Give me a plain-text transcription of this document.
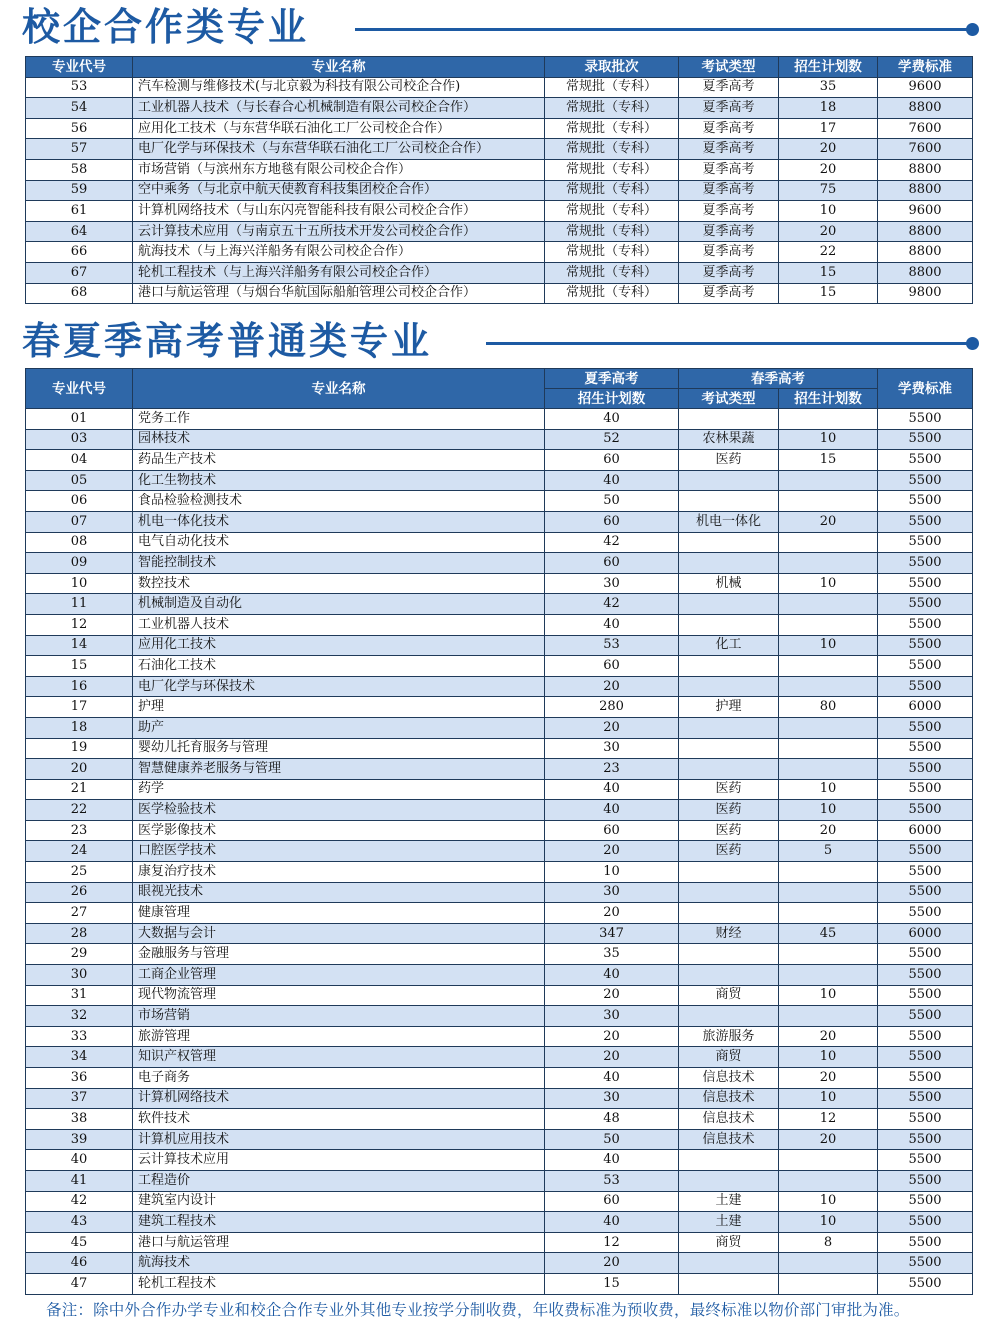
校企合作类专业
专业代号	专业名称	录取批次	考试类型	招生计划数	学费标准
53	汽车检测与维修技术(与北京毅为科技有限公司校企合作)	常规批（专科）	夏季高考	35	9600
54	工业机器人技术（与长春合心机械制造有限公司校企合作）	常规批（专科）	夏季高考	18	8800
56	应用化工技术（与东营华联石油化工厂公司校企合作）	常规批（专科）	夏季高考	17	7600
57	电厂化学与环保技术（与东营华联石油化工厂公司校企合作）	常规批（专科）	夏季高考	20	7600
58	市场营销（与滨州东方地毯有限公司校企合作）	常规批（专科）	夏季高考	20	8800
59	空中乘务（与北京中航天使教育科技集团校企合作）	常规批（专科）	夏季高考	75	8800
61	计算机网络技术（与山东闪亮智能科技有限公司校企合作）	常规批（专科）	夏季高考	10	9600
64	云计算技术应用（与南京五十五所技术开发公司校企合作）	常规批（专科）	夏季高考	20	8800
66	航海技术（与上海兴洋船务有限公司校企合作）	常规批（专科）	夏季高考	22	8800
67	轮机工程技术（与上海兴洋船务有限公司校企合作）	常规批（专科）	夏季高考	15	8800
68	港口与航运管理（与烟台华航国际船舶管理公司校企合作）	常规批（专科）	夏季高考	15	9800
春夏季高考普通类专业
专业代号	专业名称	夏季高考	春季高考		学费标准
		招生计划数	考试类型	招生计划数	
01	党务工作	40			5500
03	园林技术	52	农林果蔬	10	5500
04	药品生产技术	60	医药	15	5500
05	化工生物技术	40			5500
06	食品检验检测技术	50			5500
07	机电一体化技术	60	机电一体化	20	5500
08	电气自动化技术	42			5500
09	智能控制技术	60			5500
10	数控技术	30	机械	10	5500
11	机械制造及自动化	42			5500
12	工业机器人技术	40			5500
14	应用化工技术	53	化工	10	5500
15	石油化工技术	60			5500
16	电厂化学与环保技术	20			5500
17	护理	280	护理	80	6000
18	助产	20			5500
19	婴幼儿托育服务与管理	30			5500
20	智慧健康养老服务与管理	23			5500
21	药学	40	医药	10	5500
22	医学检验技术	40	医药	10	5500
23	医学影像技术	60	医药	20	6000
24	口腔医学技术	20	医药	5	5500
25	康复治疗技术	10			5500
26	眼视光技术	30			5500
27	健康管理	20			5500
28	大数据与会计	347	财经	45	6000
29	金融服务与管理	35			5500
30	工商企业管理	40			5500
31	现代物流管理	20	商贸	10	5500
32	市场营销	30			5500
33	旅游管理	20	旅游服务	20	5500
34	知识产权管理	20	商贸	10	5500
36	电子商务	40	信息技术	20	5500
37	计算机网络技术	30	信息技术	10	5500
38	软件技术	48	信息技术	12	5500
39	计算机应用技术	50	信息技术	20	5500
40	云计算技术应用	40			5500
41	工程造价	53			5500
42	建筑室内设计	60	土建	10	5500
43	建筑工程技术	40	土建	10	5500
45	港口与航运管理	12	商贸	8	5500
46	航海技术	20			5500
47	轮机工程技术	15			5500
备注：除中外合作办学专业和校企合作专业外其他专业按学分制收费，年收费标准为预收费，最终标准以物价部门审批为准。
